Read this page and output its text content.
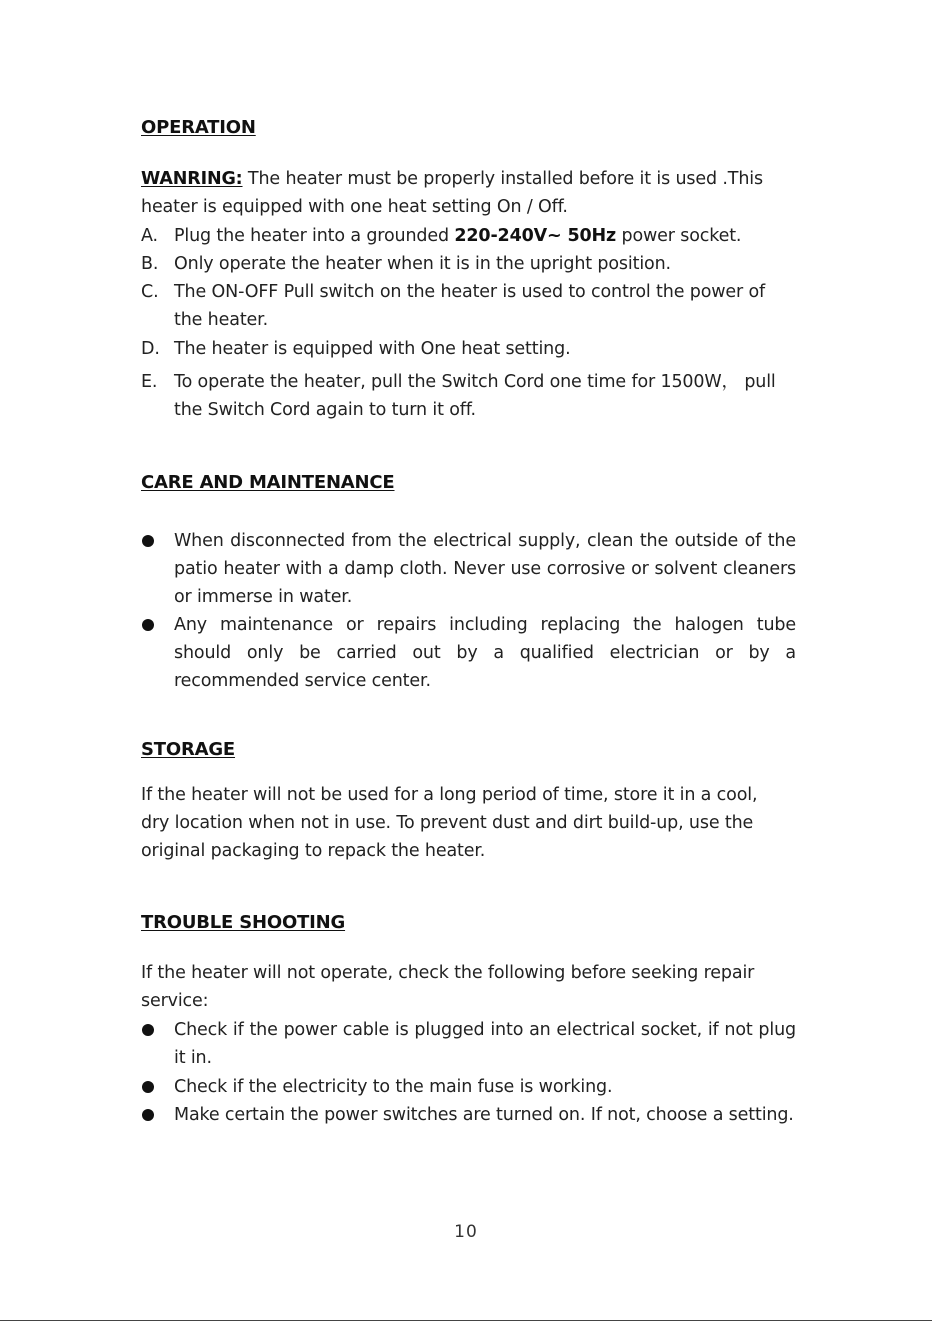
OPERATION
WANRING: The heater must be properly installed before it is used .This heater is equipped with one heat setting On / Off.
A. Plug the heater into a grounded 220-240V~ 50Hz power socket.
B. Only operate the heater when it is in the upright position.
C. The ON-OFF Pull switch on the heater is used to control the power of the heater.
D. The heater is equipped with One heat setting.
E. To operate the heater, pull the Switch Cord one time for 1500W， pull the Switch Cord again to turn it off.
CARE AND MAINTENANCE
When disconnected from the electrical supply, clean the outside of the patio heater with a damp cloth. Never use corrosive or solvent cleaners or immerse in water.
Any maintenance or repairs including replacing the halogen tube should only be carried out by a qualified electrician or by a recommended service center.
STORAGE
If the heater will not be used for a long period of time, store it in a cool, dry location when not in use. To prevent dust and dirt build-up, use the original packaging to repack the heater.
TROUBLE SHOOTING
If the heater will not operate, check the following before seeking repair service:
Check if the power cable is plugged into an electrical socket, if not plug it in.
Check if the electricity to the main fuse is working.
Make certain the power switches are turned on. If not, choose a setting.
10
